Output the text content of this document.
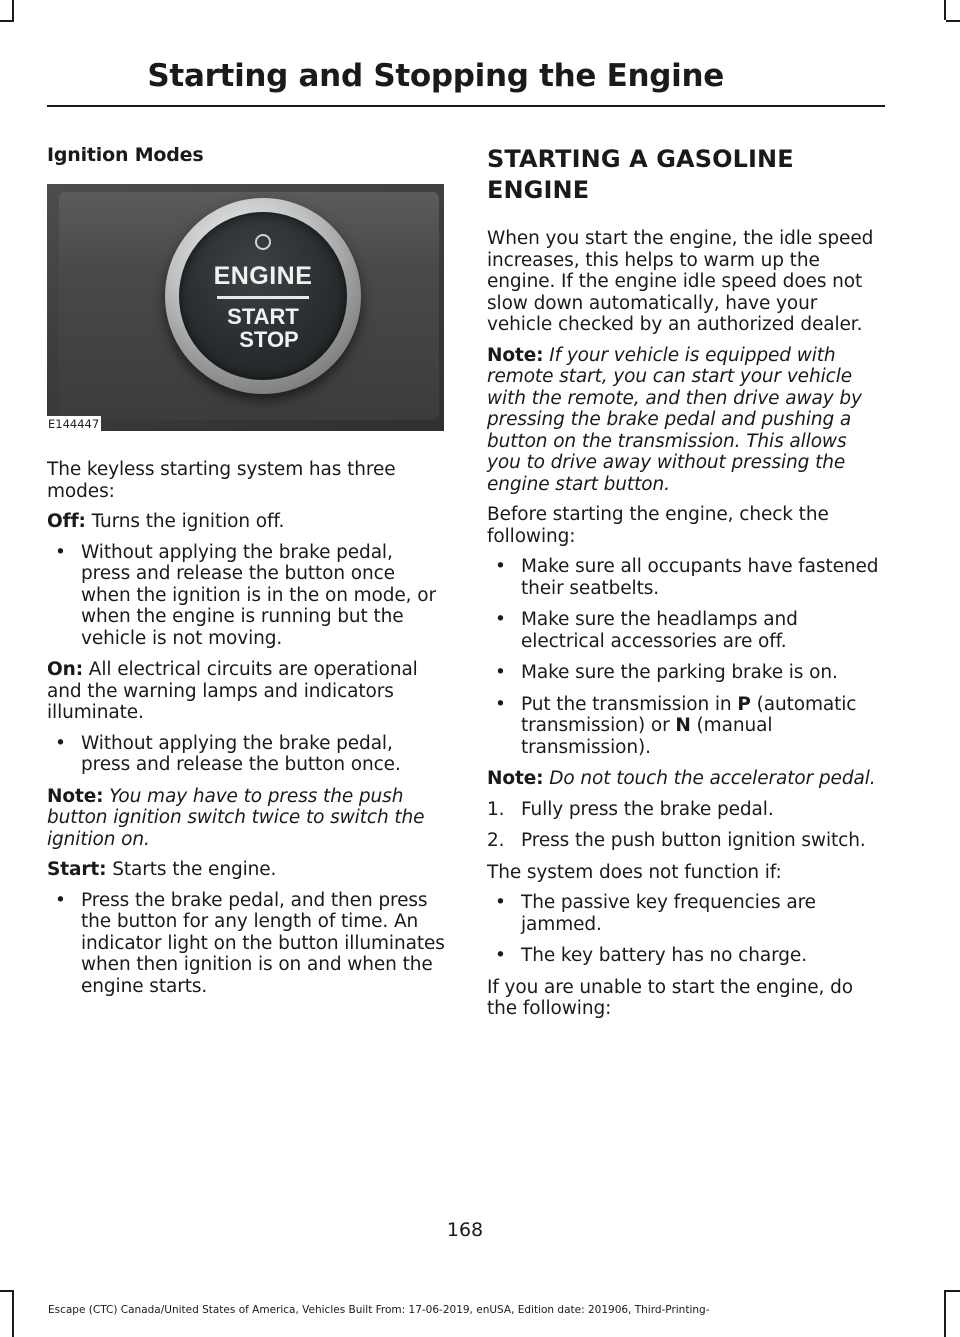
Starting and Stopping the Engine
Ignition Modes
ENGINE
START
STOP
E144447

The keyless starting system has three modes:

Off: Turns the ignition off.

• Without applying the brake pedal, press and release the button once when the ignition is in the on mode, or when the engine is running but the vehicle is not moving.

On: All electrical circuits are operational and the warning lamps and indicators illuminate.

• Without applying the brake pedal, press and release the button once.

Note: You may have to press the push button ignition switch twice to switch the ignition on.

Start: Starts the engine.

• Press the brake pedal, and then press the button for any length of time. An indicator light on the button illuminates when then ignition is on and when the engine starts.
STARTING A GASOLINE
ENGINE

When you start the engine, the idle speed increases, this helps to warm up the engine. If the engine idle speed does not slow down automatically, have your vehicle checked by an authorized dealer.

Note: If your vehicle is equipped with remote start, you can start your vehicle with the remote, and then drive away by pressing the brake pedal and pushing a button on the transmission. This allows you to drive away without pressing the engine start button.

Before starting the engine, check the following:

• Make sure all occupants have fastened their seatbelts.
• Make sure the headlamps and electrical accessories are off.
• Make sure the parking brake is on.
• Put the transmission in P (automatic transmission) or N (manual transmission).

Note: Do not touch the accelerator pedal.

1. Fully press the brake pedal.
2. Press the push button ignition switch.

The system does not function if:

• The passive key frequencies are jammed.
• The key battery has no charge.

If you are unable to start the engine, do the following:

168
Escape (CTC) Canada/United States of America, Vehicles Built From: 17-06-2019, enUSA, Edition date: 201906, Third-Printing-
